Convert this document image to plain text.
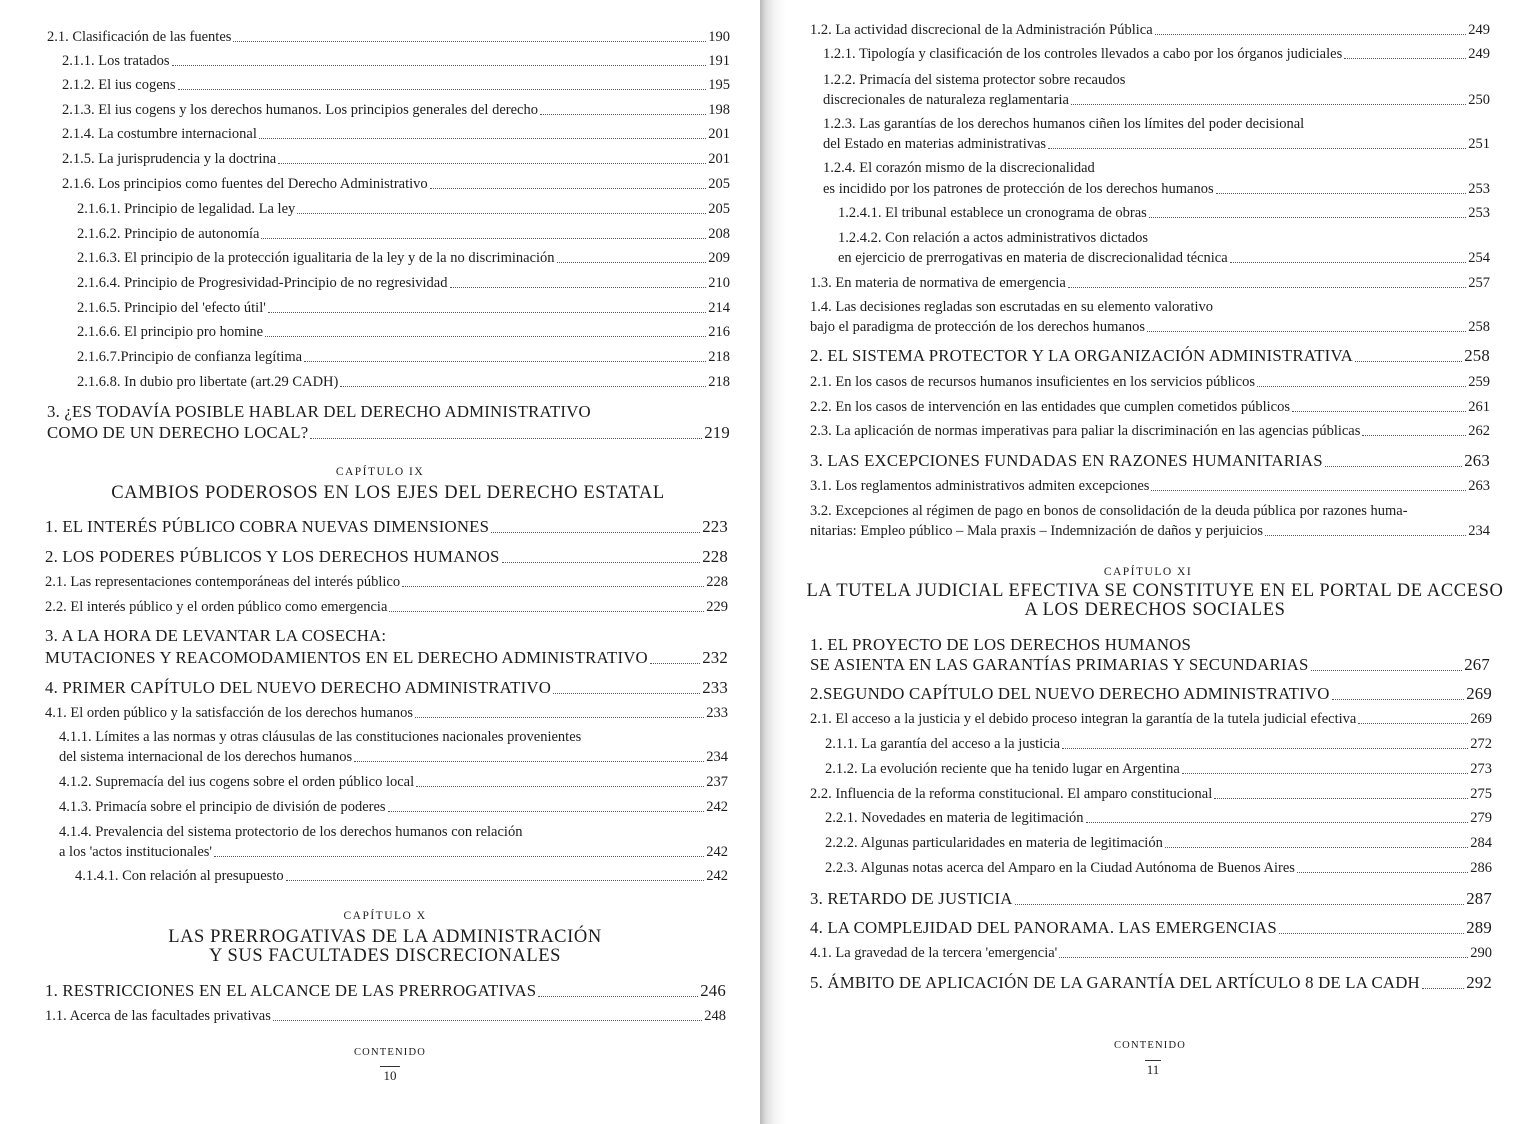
2.1. Clasificación de las fuentes	190
2.1.1. Los tratados	191
2.1.2. El ius cogens	195
2.1.3. El ius cogens y los derechos humanos. Los principios generales del derecho	198
2.1.4. La costumbre internacional	201
2.1.5. La jurisprudencia y la doctrina	201
2.1.6. Los principios como fuentes del Derecho Administrativo	205
2.1.6.1. Principio de legalidad. La ley	205
2.1.6.2. Principio de autonomía	208
2.1.6.3. El principio de la protección igualitaria de la ley y de la no discriminación	209
2.1.6.4. Principio de Progresividad-Principio de no regresividad	210
2.1.6.5. Principio del 'efecto útil'	214
2.1.6.6. El principio pro homine	216
2.1.6.7.Principio de confianza legítima	218
2.1.6.8. In dubio pro libertate (art.29 CADH)	218
3. ¿ES TODAVÍA POSIBLE HABLAR DEL DERECHO ADMINISTRATIVO
COMO DE UN DERECHO LOCAL?	219
1. EL INTERÉS PÚBLICO COBRA NUEVAS DIMENSIONES	223
2. LOS PODERES PÚBLICOS Y LOS DERECHOS HUMANOS	228
2.1. Las representaciones contemporáneas del interés público	228
2.2. El interés público y el orden público como emergencia	229
3. A LA HORA DE LEVANTAR LA COSECHA:
MUTACIONES Y REACOMODAMIENTOS EN EL DERECHO ADMINISTRATIVO	232
4. PRIMER CAPÍTULO DEL NUEVO DERECHO ADMINISTRATIVO	233
4.1. El orden público y la satisfacción de los derechos humanos	233
4.1.1. Límites a las normas y otras cláusulas de las constituciones nacionales provenientes
del sistema internacional de los derechos humanos	234
4.1.2. Supremacía del ius cogens sobre el orden público local	237
4.1.3. Primacía sobre el principio de división de poderes	242
4.1.4. Prevalencia del sistema protectorio de los derechos humanos con relación
a los 'actos institucionales'	242
4.1.4.1. Con relación al presupuesto	242
1. RESTRICCIONES EN EL ALCANCE DE LAS PRERROGATIVAS	246
1.1. Acerca de las facultades privativas	248
CAPÍTULO IX
CAMBIOS PODEROSOS EN LOS EJES DEL DERECHO ESTATAL
CAPÍTULO X
LAS PRERROGATIVAS DE LA ADMINISTRACIÓN
Y SUS FACULTADES DISCRECIONALES
CONTENIDO
10
1.2. La actividad discrecional de la Administración Pública	249
1.2.1. Tipología y clasificación de los controles llevados a cabo por los órganos judiciales	249
1.2.2. Primacía del sistema protector sobre recaudos
discrecionales de naturaleza reglamentaria	250
1.2.3. Las garantías de los derechos humanos ciñen los límites del poder decisional
del Estado en materias administrativas	251
1.2.4. El corazón mismo de la discrecionalidad
es incidido por los patrones de protección de los derechos humanos	253
1.2.4.1. El tribunal establece un cronograma de obras	253
1.2.4.2. Con relación a actos administrativos dictados
en ejercicio de prerrogativas en materia de discrecionalidad técnica	254
1.3. En materia de normativa de emergencia	257
1.4. Las decisiones regladas son escrutadas en su elemento valorativo
bajo el paradigma de protección de los derechos humanos	258
2. EL SISTEMA PROTECTOR Y LA ORGANIZACIÓN ADMINISTRATIVA	258
2.1. En los casos de recursos humanos insuficientes en los servicios públicos	259
2.2. En los casos de intervención en las entidades que cumplen cometidos públicos	261
2.3. La aplicación de normas imperativas para paliar la discriminación en las agencias públicas	262
3. LAS EXCEPCIONES FUNDADAS EN RAZONES HUMANITARIAS	263
3.1. Los reglamentos administrativos admiten excepciones	263
3.2. Excepciones al régimen de pago en bonos de consolidación de la deuda pública por razones huma-
nitarias: Empleo público – Mala praxis – Indemnización de daños y perjuicios	234
1. EL PROYECTO DE LOS DERECHOS HUMANOS
SE ASIENTA EN LAS GARANTÍAS PRIMARIAS Y SECUNDARIAS	267
2.SEGUNDO CAPÍTULO DEL NUEVO DERECHO ADMINISTRATIVO	269
2.1. El acceso a la justicia y el debido proceso integran la garantía de la tutela judicial efectiva	269
2.1.1. La garantía del acceso a la justicia	272
2.1.2. La evolución reciente que ha tenido lugar en Argentina	273
2.2. Influencia de la reforma constitucional. El amparo constitucional	275
2.2.1. Novedades en materia de legitimación	279
2.2.2. Algunas particularidades en materia de legitimación	284
2.2.3. Algunas notas acerca del Amparo en la Ciudad Autónoma de Buenos Aires	286
3. RETARDO DE JUSTICIA	287
4. LA COMPLEJIDAD DEL PANORAMA. LAS EMERGENCIAS	289
4.1. La gravedad de la tercera 'emergencia'	290
5. ÁMBITO DE APLICACIÓN DE LA GARANTÍA DEL ARTÍCULO 8 DE LA CADH	292
CAPÍTULO XI
LA TUTELA JUDICIAL EFECTIVA SE CONSTITUYE EN EL PORTAL DE ACCESO
A LOS DERECHOS SOCIALES
CONTENIDO
11
